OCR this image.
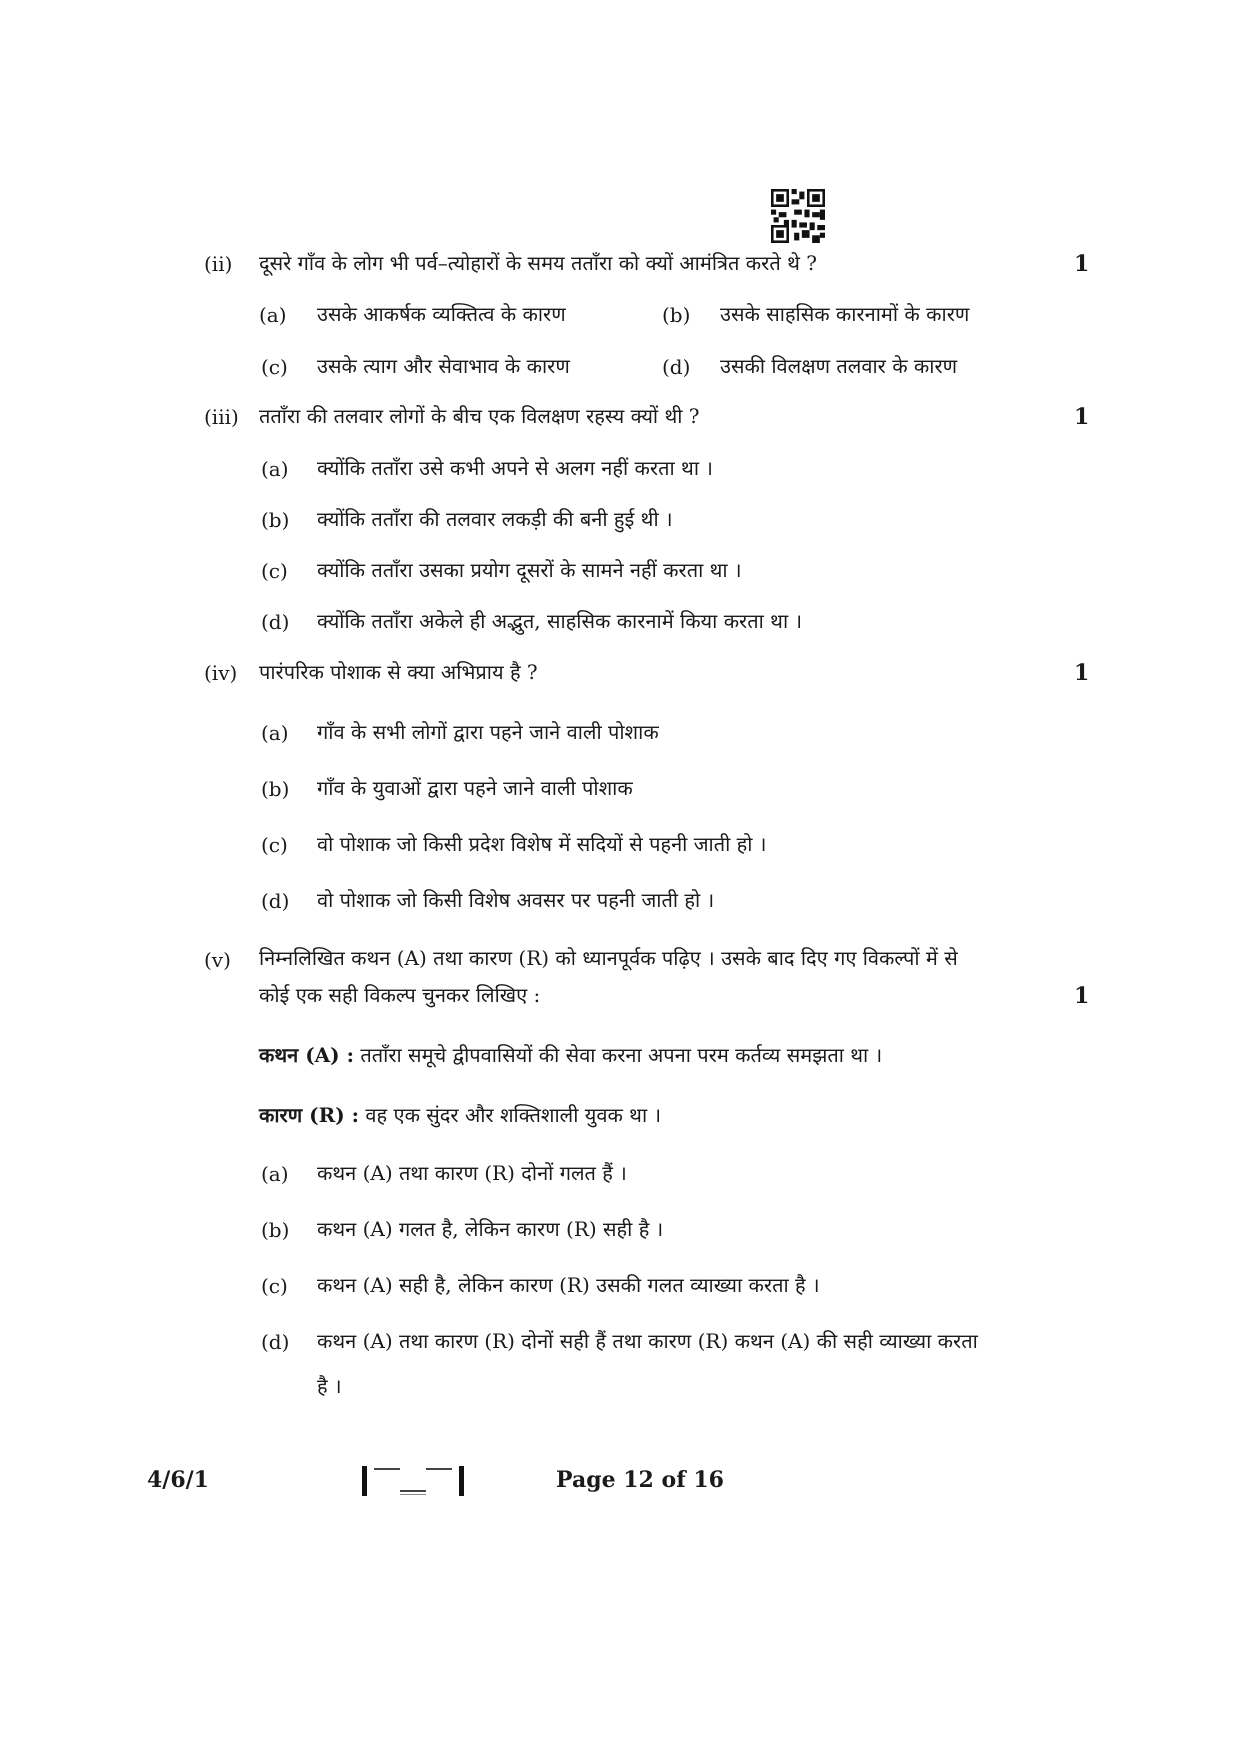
(ii) दूसरे गाँव के लोग भी पर्व–त्योहारों के समय तताँरा को क्यों आमंत्रित करते थे ?	1
(a) उसके आकर्षक व्यक्तित्व के कारण	(b) उसके साहसिक कारनामों के कारण
(c) उसके त्याग और सेवाभाव के कारण	(d) उसकी विलक्षण तलवार के कारण
(iii) तताँरा की तलवार लोगों के बीच एक विलक्षण रहस्य क्यों थी ?	1
(a) क्योंकि तताँरा उसे कभी अपने से अलग नहीं करता था ।
(b) क्योंकि तताँरा की तलवार लकड़ी की बनी हुई थी ।
(c) क्योंकि तताँरा उसका प्रयोग दूसरों के सामने नहीं करता था ।
(d) क्योंकि तताँरा अकेले ही अद्भुत, साहसिक कारनामें किया करता था ।
(iv) पारंपरिक पोशाक से क्या अभिप्राय है ?	1
(a) गाँव के सभी लोगों द्वारा पहने जाने वाली पोशाक
(b) गाँव के युवाओं द्वारा पहने जाने वाली पोशाक
(c) वो पोशाक जो किसी प्रदेश विशेष में सदियों से पहनी जाती हो ।
(d) वो पोशाक जो किसी विशेष अवसर पर पहनी जाती हो ।
(v) निम्नलिखित कथन (A) तथा कारण (R) को ध्यानपूर्वक पढ़िए । उसके बाद दिए गए विकल्पों में से
कोई एक सही विकल्प चुनकर लिखिए :	1
कथन (A) : तताँरा समूचे द्वीपवासियों की सेवा करना अपना परम कर्तव्य समझता था ।
कारण (R) : वह एक सुंदर और शक्तिशाली युवक था ।
(a) कथन (A) तथा कारण (R) दोनों गलत हैं ।
(b) कथन (A) गलत है, लेकिन कारण (R) सही है ।
(c) कथन (A) सही है, लेकिन कारण (R) उसकी गलत व्याख्या करता है ।
(d) कथन (A) तथा कारण (R) दोनों सही हैं तथा कारण (R) कथन (A) की सही व्याख्या करता
है ।
4/6/1	Page 12 of 16
